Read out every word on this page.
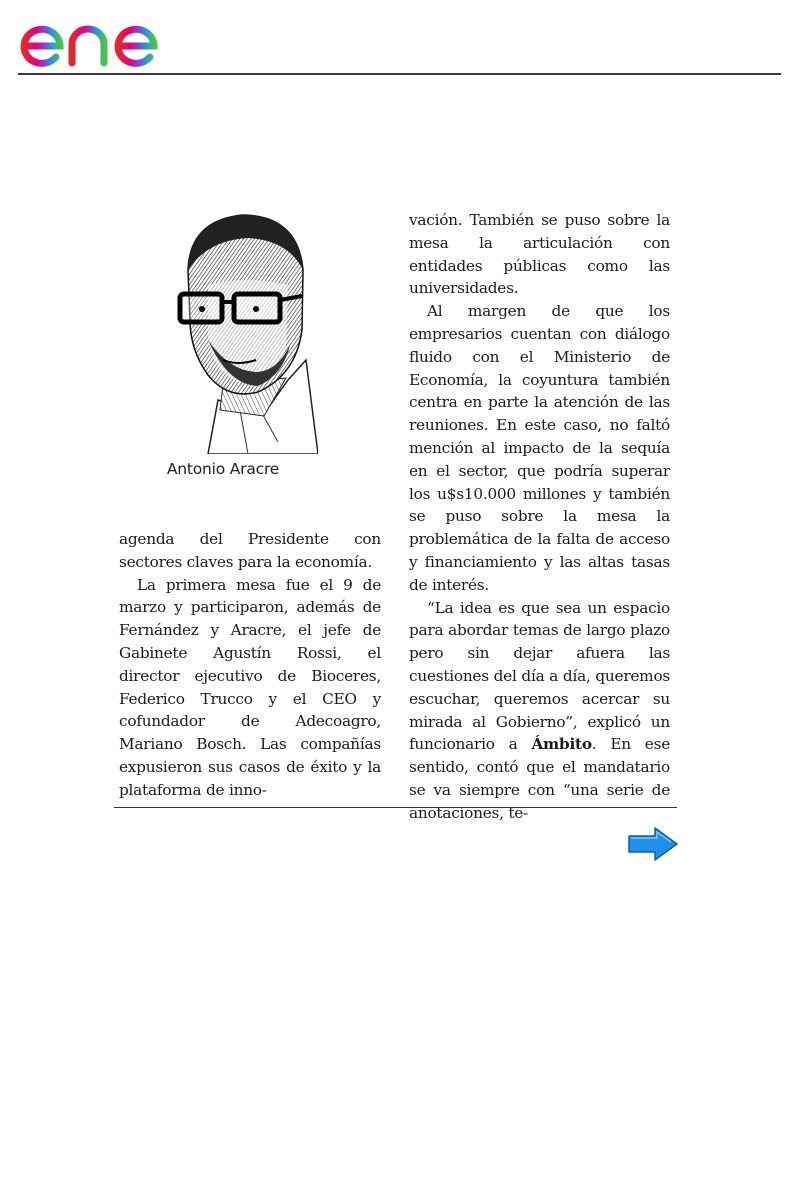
Antonio Aracre

agenda del Presidente con sectores claves para la economía.

La primera mesa fue el 9 de marzo y participaron, además de Fernández y Aracre, el jefe de Gabinete Agustín Rossi, el director ejecutivo de Bioceres, Federico Trucco y el CEO y cofundador de Adecoagro, Mariano Bosch. Las compañías expusieron sus casos de éxito y la plataforma de inno-

vación. También se puso sobre la mesa la articulación con entidades públicas como las universidades.

Al margen de que los empresarios cuentan con diálogo fluido con el Ministerio de Economía, la coyuntura también centra en parte la atención de las reuniones. En este caso, no faltó mención al impacto de la sequía en el sector, que podría superar los u$s10.000 millones y también se puso sobre la mesa la problemática de la falta de acceso y financiamiento y las altas tasas de interés.

“La idea es que sea un espacio para abordar temas de largo plazo pero sin dejar afuera las cuestiones del día a día, queremos escuchar, queremos acercar su mirada al Gobierno”, explicó un funcionario a Ámbito. En ese sentido, contó que el mandatario se va siempre con “una serie de anotaciones, te-
